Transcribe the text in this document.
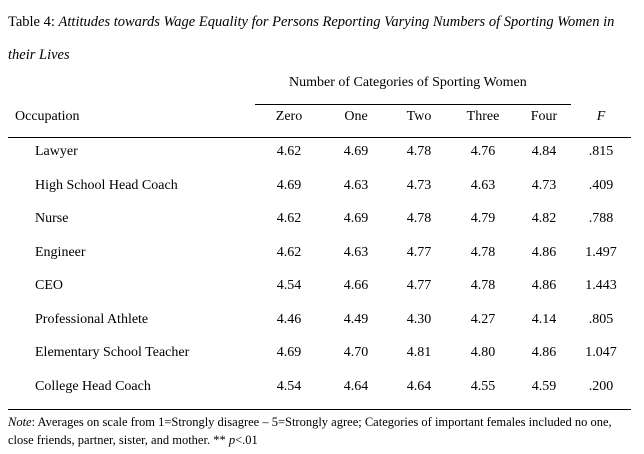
Table 4: Attitudes towards Wage Equality for Persons Reporting Varying Numbers of Sporting Women in their Lives
Number of Categories of Sporting Women
Occupation	Zero	One	Two	Three	Four	F
Lawyer	4.62	4.69	4.78	4.76	4.84	.815
High School Head Coach	4.69	4.63	4.73	4.63	4.73	.409
Nurse	4.62	4.69	4.78	4.79	4.82	.788
Engineer	4.62	4.63	4.77	4.78	4.86	1.497
CEO	4.54	4.66	4.77	4.78	4.86	1.443
Professional Athlete	4.46	4.49	4.30	4.27	4.14	.805
Elementary School Teacher	4.69	4.70	4.81	4.80	4.86	1.047
College Head Coach	4.54	4.64	4.64	4.55	4.59	.200
Note: Averages on scale from 1=Strongly disagree – 5=Strongly agree; Categories of important females included no one, close friends, partner, sister, and mother. ** p<.01
